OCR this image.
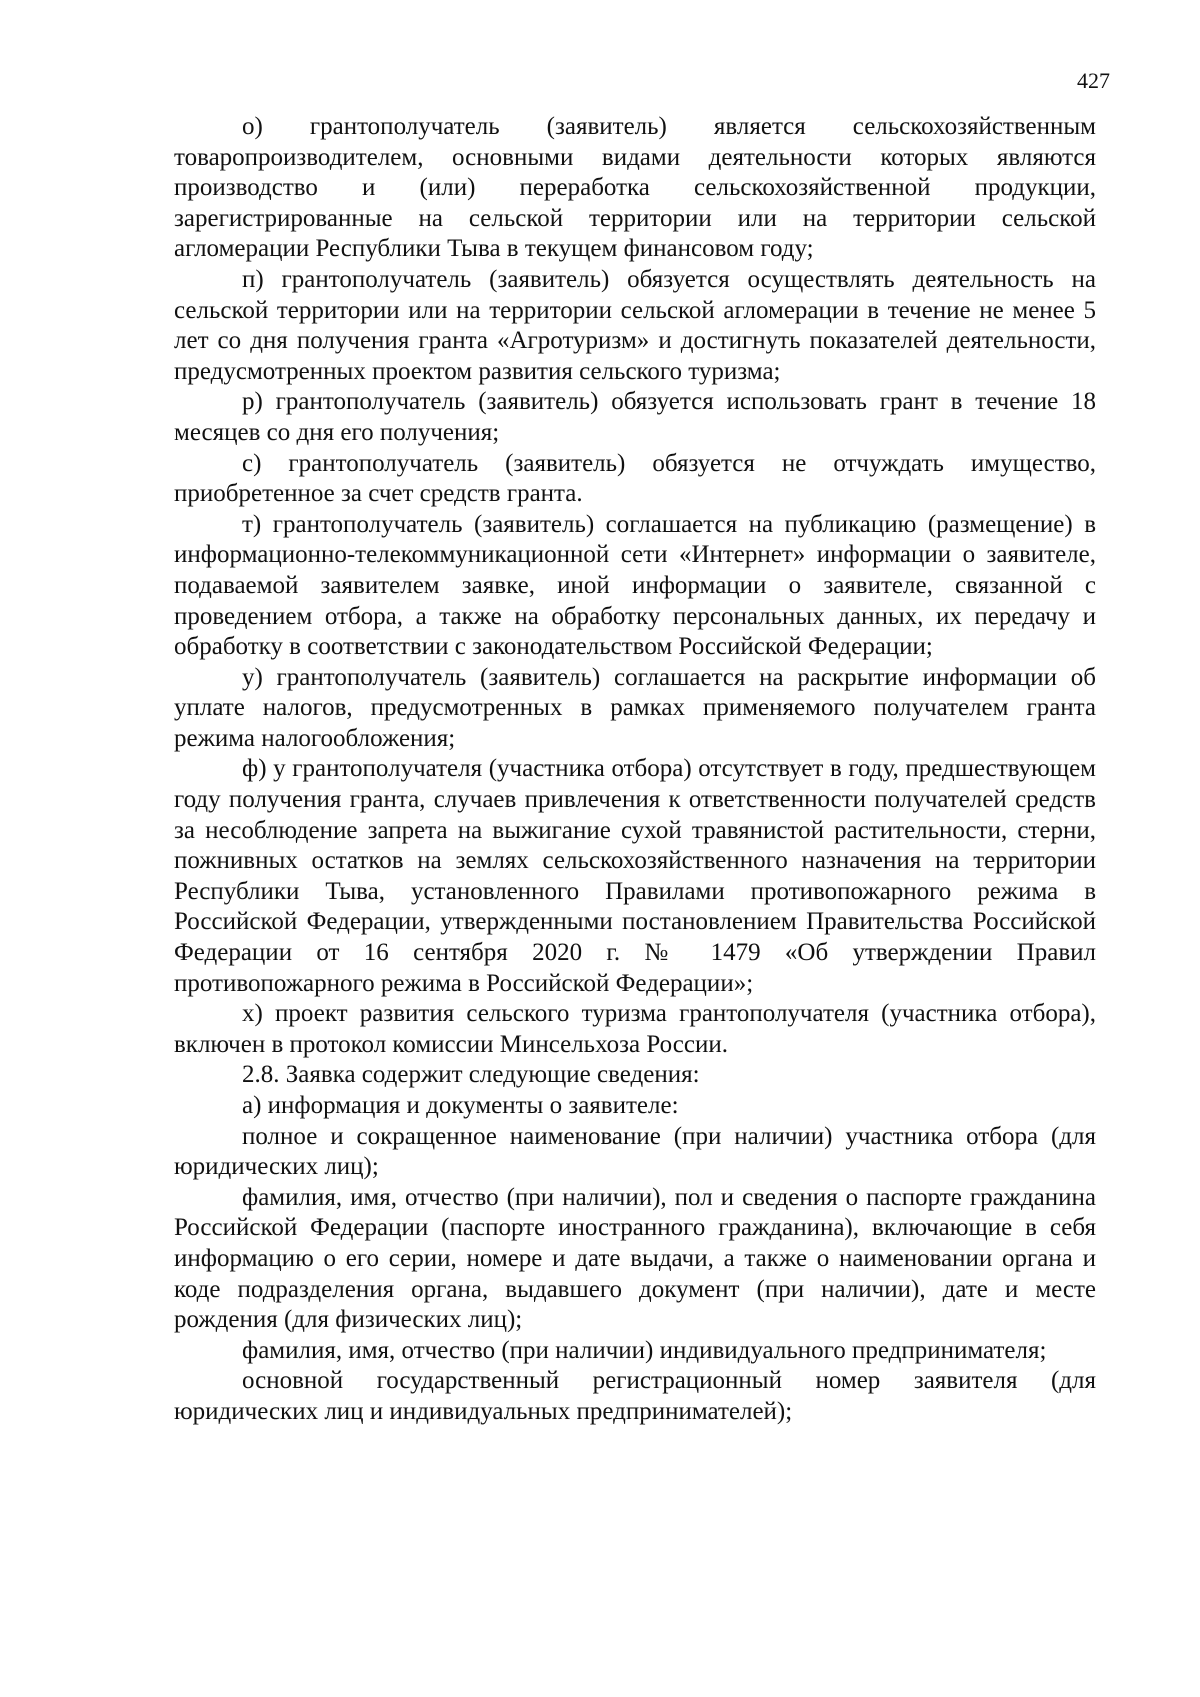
427

о) грантополучатель (заявитель) является сельскохозяйственным товаропроизводителем, основными видами деятельности которых являются производство и (или) переработка сельскохозяйственной продукции, зарегистрированные на сельской территории или на территории сельской агломерации Республики Тыва в текущем финансовом году;

п) грантополучатель (заявитель) обязуется осуществлять деятельность на сельской территории или на территории сельской агломерации в течение не менее 5 лет со дня получения гранта «Агротуризм» и достигнуть показателей деятельности, предусмотренных проектом развития сельского туризма;

р) грантополучатель (заявитель) обязуется использовать грант в течение 18 месяцев со дня его получения;

с) грантополучатель (заявитель) обязуется не отчуждать имущество, приобретенное за счет средств гранта.

т) грантополучатель (заявитель) соглашается на публикацию (размещение) в информационно-телекоммуникационной сети «Интернет» информации о заявителе, подаваемой заявителем заявке, иной информации о заявителе, связанной с проведением отбора, а также на обработку персональных данных, их передачу и обработку в соответствии с законодательством Российской Федерации;

у) грантополучатель (заявитель) соглашается на раскрытие информации об уплате налогов, предусмотренных в рамках применяемого получателем гранта режима налогообложения;

ф) у грантополучателя (участника отбора) отсутствует в году, предшествующем году получения гранта, случаев привлечения к ответственности получателей средств за несоблюдение запрета на выжигание сухой травянистой растительности, стерни, пожнивных остатков на землях сельскохозяйственного назначения на территории Республики Тыва, установленного Правилами противопожарного режима в Российской Федерации, утвержденными постановлением Правительства Российской Федерации от 16 сентября 2020 г. № 1479 «Об утверждении Правил противопожарного режима в Российской Федерации»;

х) проект развития сельского туризма грантополучателя (участника отбора), включен в протокол комиссии Минсельхоза России.

2.8. Заявка содержит следующие сведения:

а) информация и документы о заявителе:

полное и сокращенное наименование (при наличии) участника отбора (для юридических лиц);

фамилия, имя, отчество (при наличии), пол и сведения о паспорте гражданина Российской Федерации (паспорте иностранного гражданина), включающие в себя информацию о его серии, номере и дате выдачи, а также о наименовании органа и коде подразделения органа, выдавшего документ (при наличии), дате и месте рождения (для физических лиц);

фамилия, имя, отчество (при наличии) индивидуального предпринимателя;

основной государственный регистрационный номер заявителя (для юридических лиц и индивидуальных предпринимателей);
